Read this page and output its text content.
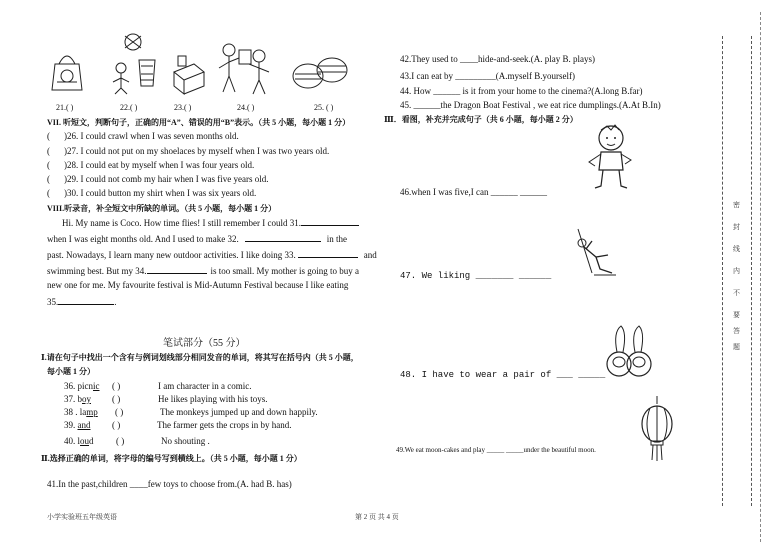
21.( )	22.( )	23.( )	24.( )	25. ( )
VII. 听短文，判断句子，正确的用“A”、错误的用“B”表示。（共 5 小题，每小题 1 分）
( )26. I could crawl when I was seven months old.
( )27. I could not put on my shoelaces by myself when I was two years old.
( )28. I could eat by myself when I was four years old.
( )29. I could not comb my hair when I was five years old.
( )30. I could button my shirt when I was six years old.
VIII.听录音，补全短文中所缺的单词。（共 5 小题，每小题 1 分）
Hi. My name is Coco. How time flies! I still remember I could 31.
when I was eight months old. And I used to make 32.	in the
past. Nowadays, I learn many new outdoor activities. I like doing 33.	and
swimming best. But my 34.	is too small. My mother is going to buy a
new one for me. My favourite festival is Mid-Autumn Festival because I like eating
35.	.
笔试部分（55 分）
Ⅰ.请在句子中找出一个含有与例词划线部分相同发音的单词，将其写在括号内（共 5 小题，
每小题 1 分）
36. picnic ( )	I am character in a comic.
37. boy ( )	He likes playing with his toys.
38 . lamp ( )	The monkeys jumped up and down happily.
39. and ( )	The farmer gets the crops in by hand.
40. loud ( )	No shouting .
Ⅱ.选择正确的单词，将字母的编号写到横线上。（共 5 小题，每小题 1 分）
41.In the past,children ____few toys to choose from.(A. had B. has)
小学实验班五年级英语	第 2 页 共 4 页
42.They used to ____hide-and-seek.(A. play B. plays)
43.I can eat by _________(A.myself B.yourself)
44. How ______ is it from your home to the cinema?(A.long B.far)
45. ______the Dragon Boat Festival , we eat rice dumplings.(A.At B.In)
Ⅲ．看图，补充并完成句子（共 6 小题，每小题 2 分）
46.when I was five,I can ______ ______
47. We liking _______ ______
48. I have to wear a pair of ___ _____
49.We eat moon-cakes and play _____ _____under the beautiful moon.
密
封
线
内
不
要
答
题
